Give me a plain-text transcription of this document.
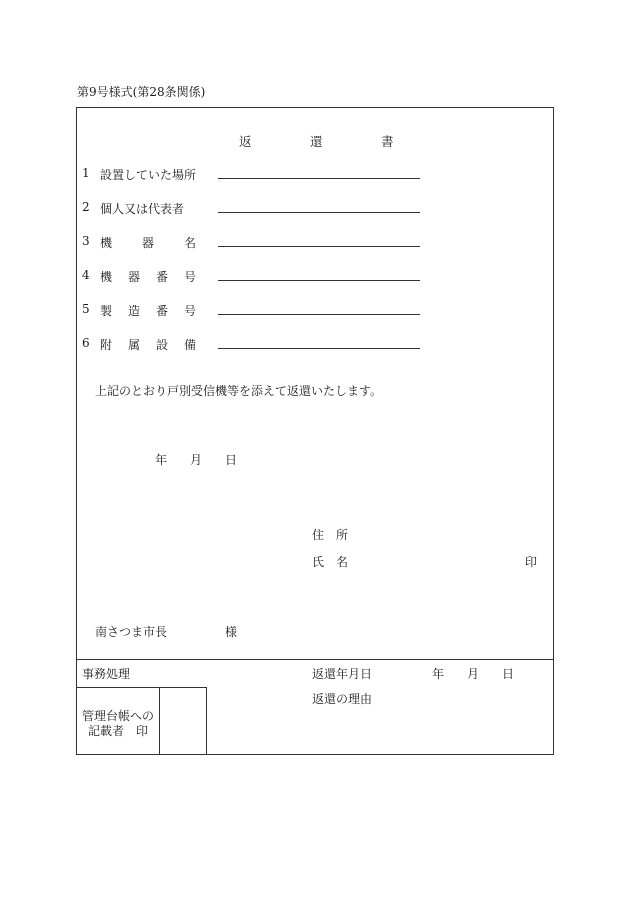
第9号様式(第28条関係)
返	還	書
1 設置していた場所
2 個人又は代表者
3 機 器 名
4 機 器 番 号
5 製 造 番 号
6 附 属 設 備
上記のとおり戸別受信機等を添えて返還いたします。
年 月 日
住　所
氏　名	印
南さつま市長	様
事務処理	返還年月日	年 月 日
返還の理由
管理台帳への
記載者　印
